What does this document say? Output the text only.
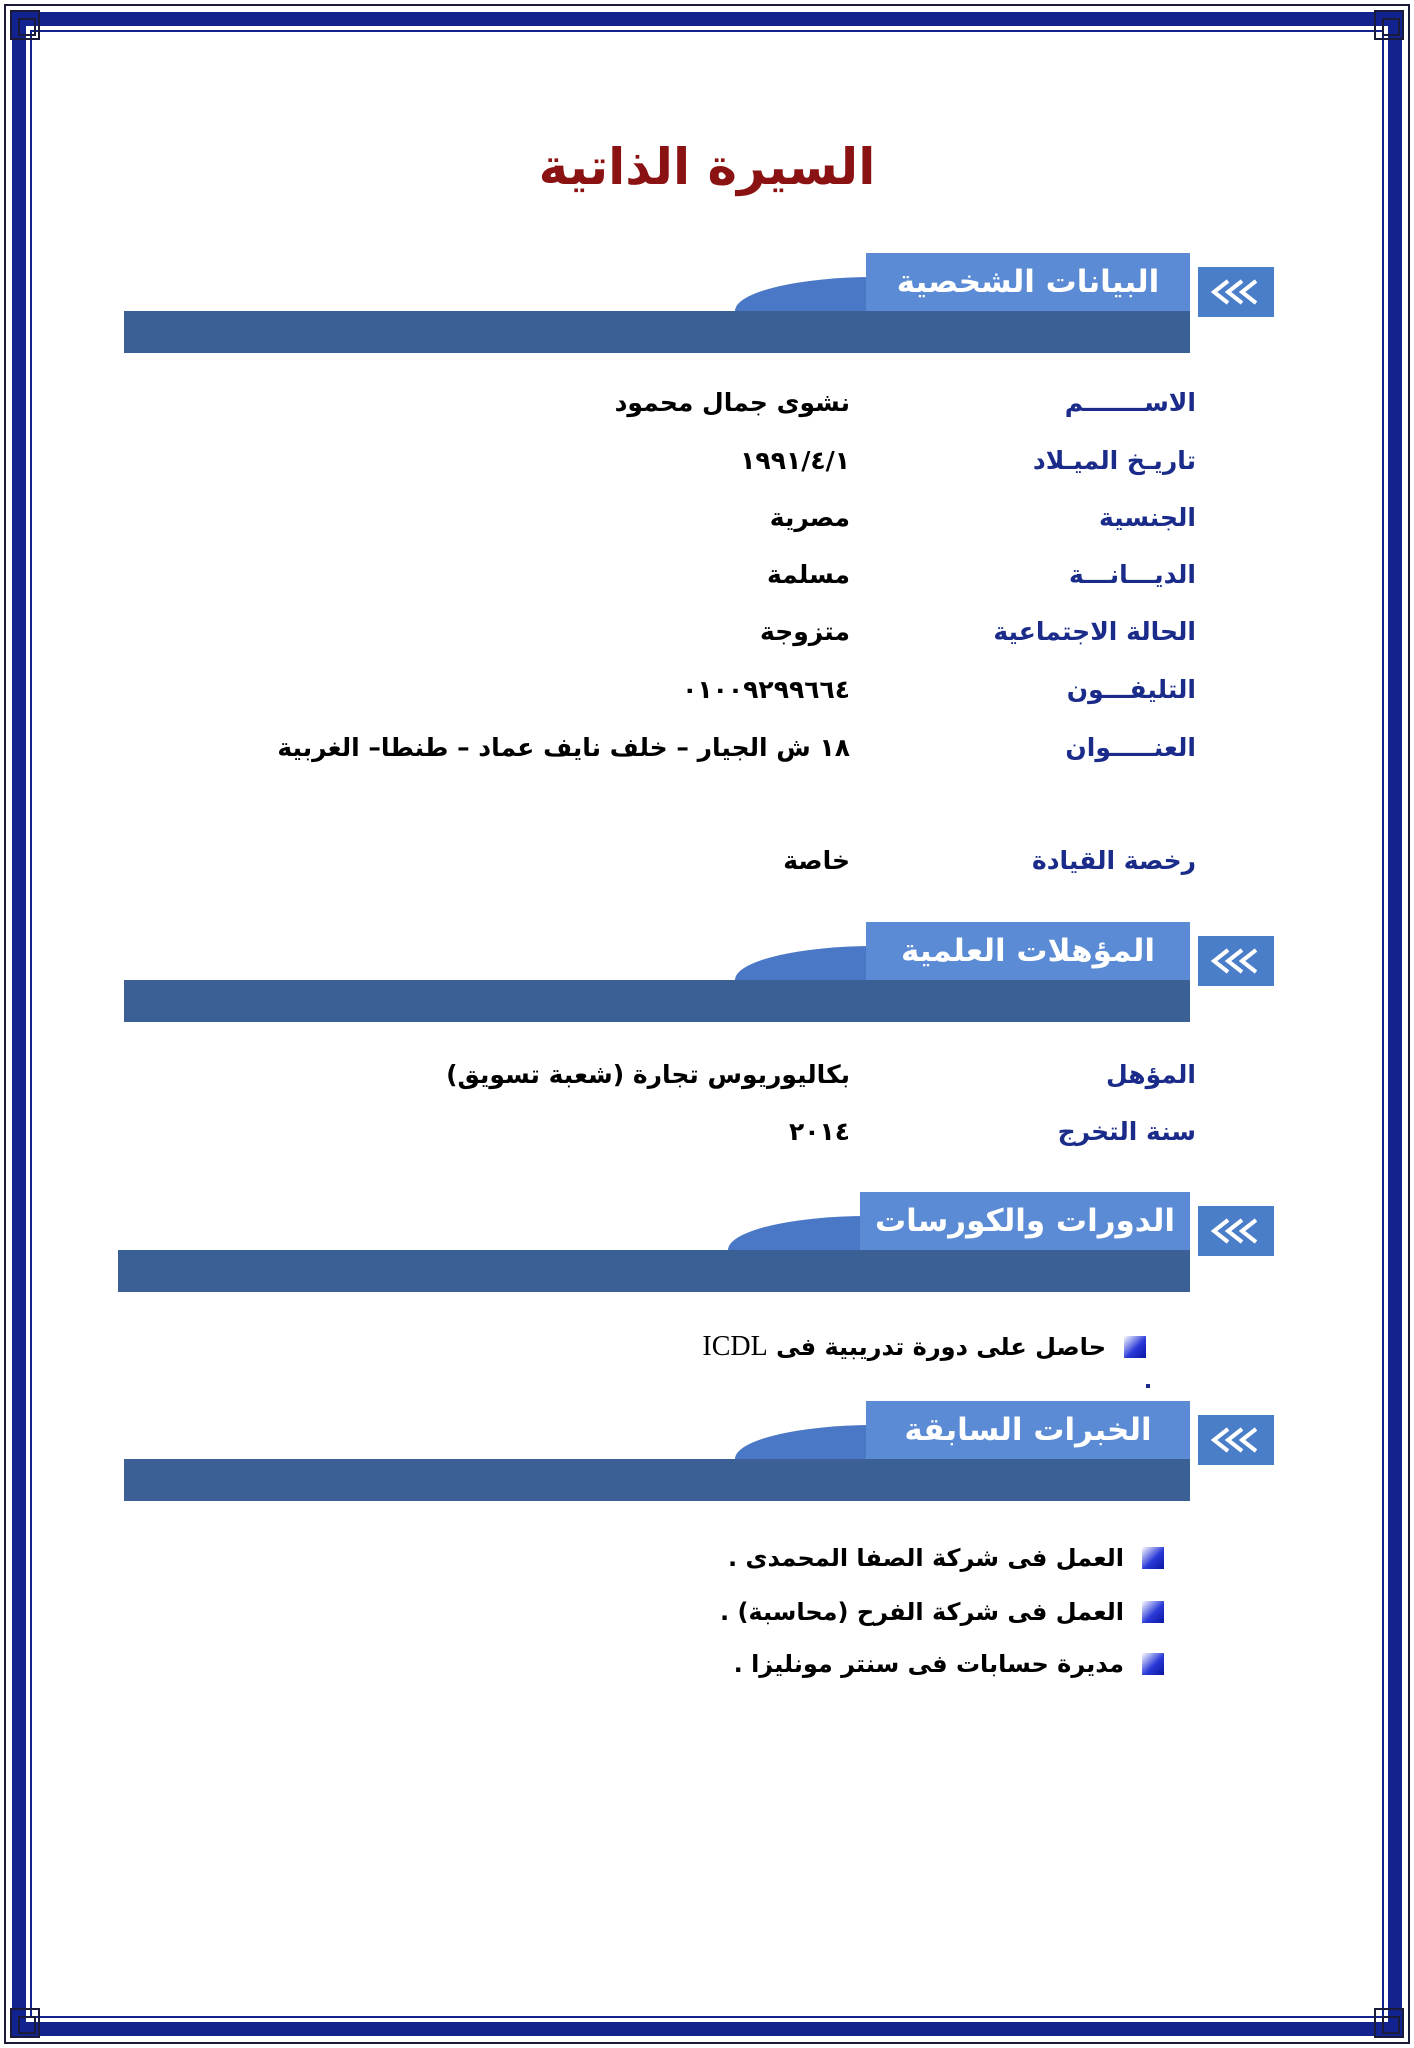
السيرة الذاتية
البيانات الشخصية
الاســـــــم
نشوى جمال محمود
تاريـخ الميـلاد
١٩٩١/٤/١
الجنسية
مصرية
الديـــانـــة
مسلمة
الحالة الاجتماعية
متزوجة
التليفـــون
٠١٠٠٩٢٩٩٦٦٤
العنـــــوان
١٨ ش الجيار – خلف نايف عماد – طنطا– الغربية
رخصة القيادة
خاصة
المؤهلات العلمية
المؤهل
بكاليوريوس تجارة (شعبة تسويق)
سنة التخرج
٢٠١٤
الدورات والكورسات
حاصل على دورة تدريبية فى ICDL
الخبرات السابقة
العمل فى شركة الصفا المحمدى .
العمل فى شركة الفرح (محاسبة) .
مديرة حسابات فى سنتر مونليزا .
